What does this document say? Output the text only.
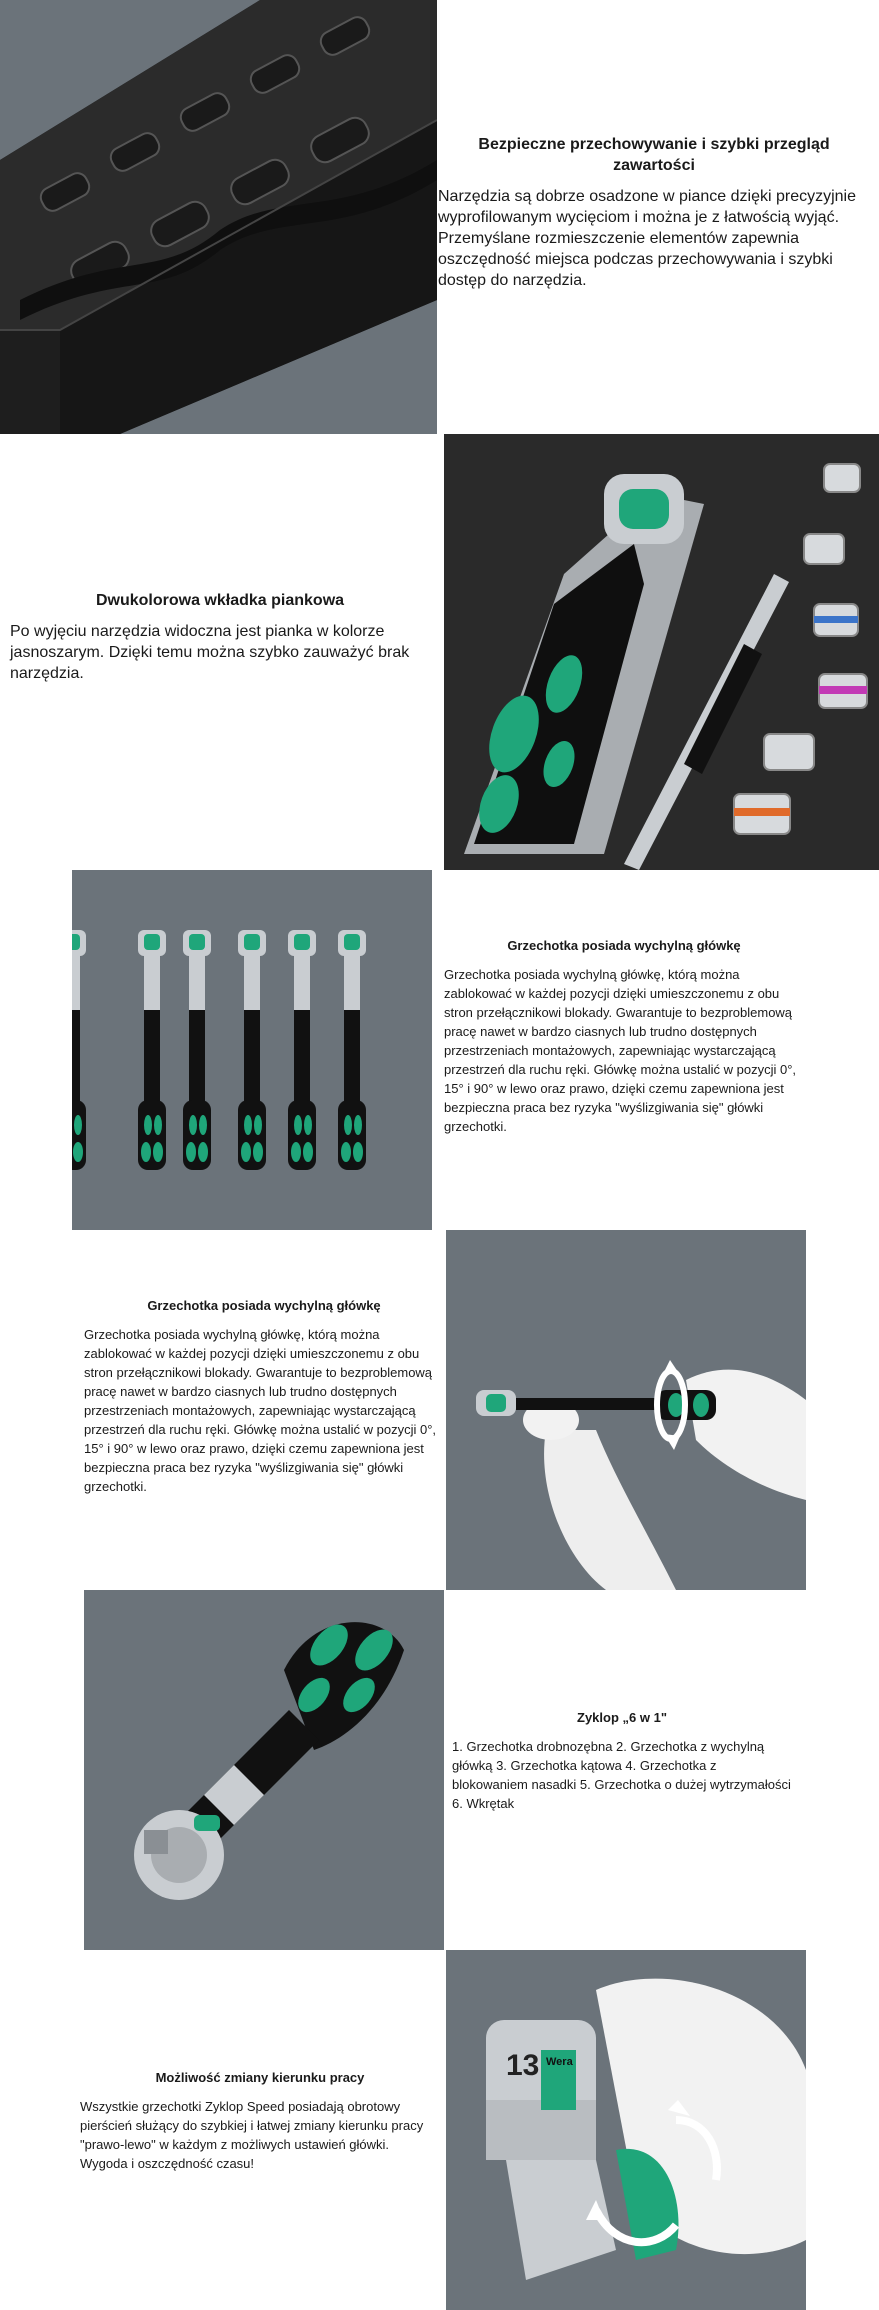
Bezpieczne przechowywanie i szybki przegląd zawartości

Narzędzia są dobrze osadzone w piance dzięki precyzyjnie wyprofilowanym wycięciom i można je z łatwością wyjąć. Przemyślane rozmieszczenie elementów zapewnia oszczędność miejsca podczas przechowywania i szybki dostęp do narzędzia.

Dwukolorowa wkładka piankowa

Po wyjęciu narzędzia widoczna jest pianka w kolorze jasnoszarym. Dzięki temu można szybko zauważyć brak narzędzia.

Grzechotka posiada wychylną główkę

Grzechotka posiada wychylną główkę, którą można zablokować w każdej pozycji dzięki umieszczonemu z obu stron przełącznikowi blokady. Gwarantuje to bezproblemową pracę nawet w bardzo ciasnych lub trudno dostępnych przestrzeniach montażowych, zapewniając wystarczającą przestrzeń dla ruchu ręki. Główkę można ustalić w pozycji 0°, 15° i 90° w lewo oraz prawo, dzięki czemu zapewniona jest bezpieczna praca bez ryzyka "wyślizgiwania się" główki grzechotki.

Grzechotka posiada wychylną główkę

Grzechotka posiada wychylną główkę, którą można zablokować w każdej pozycji dzięki umieszczonemu z obu stron przełącznikowi blokady. Gwarantuje to bezproblemową pracę nawet w bardzo ciasnych lub trudno dostępnych przestrzeniach montażowych, zapewniając wystarczającą przestrzeń dla ruchu ręki. Główkę można ustalić w pozycji 0°, 15° i 90° w lewo oraz prawo, dzięki czemu zapewniona jest bezpieczna praca bez ryzyka "wyślizgiwania się" główki grzechotki.

Zyklop „6 w 1"

1. Grzechotka drobnozębna 2. Grzechotka z wychylną główką 3. Grzechotka kątowa 4. Grzechotka z blokowaniem nasadki 5. Grzechotka o dużej wytrzymałości 6. Wkrętak

Możliwość zmiany kierunku pracy

Wszystkie grzechotki Zyklop Speed posiadają obrotowy pierścień służący do szybkiej i łatwej zmiany kierunku pracy "prawo-lewo" w każdym z możliwych ustawień główki. Wygoda i oszczędność czasu!

13 Wera
